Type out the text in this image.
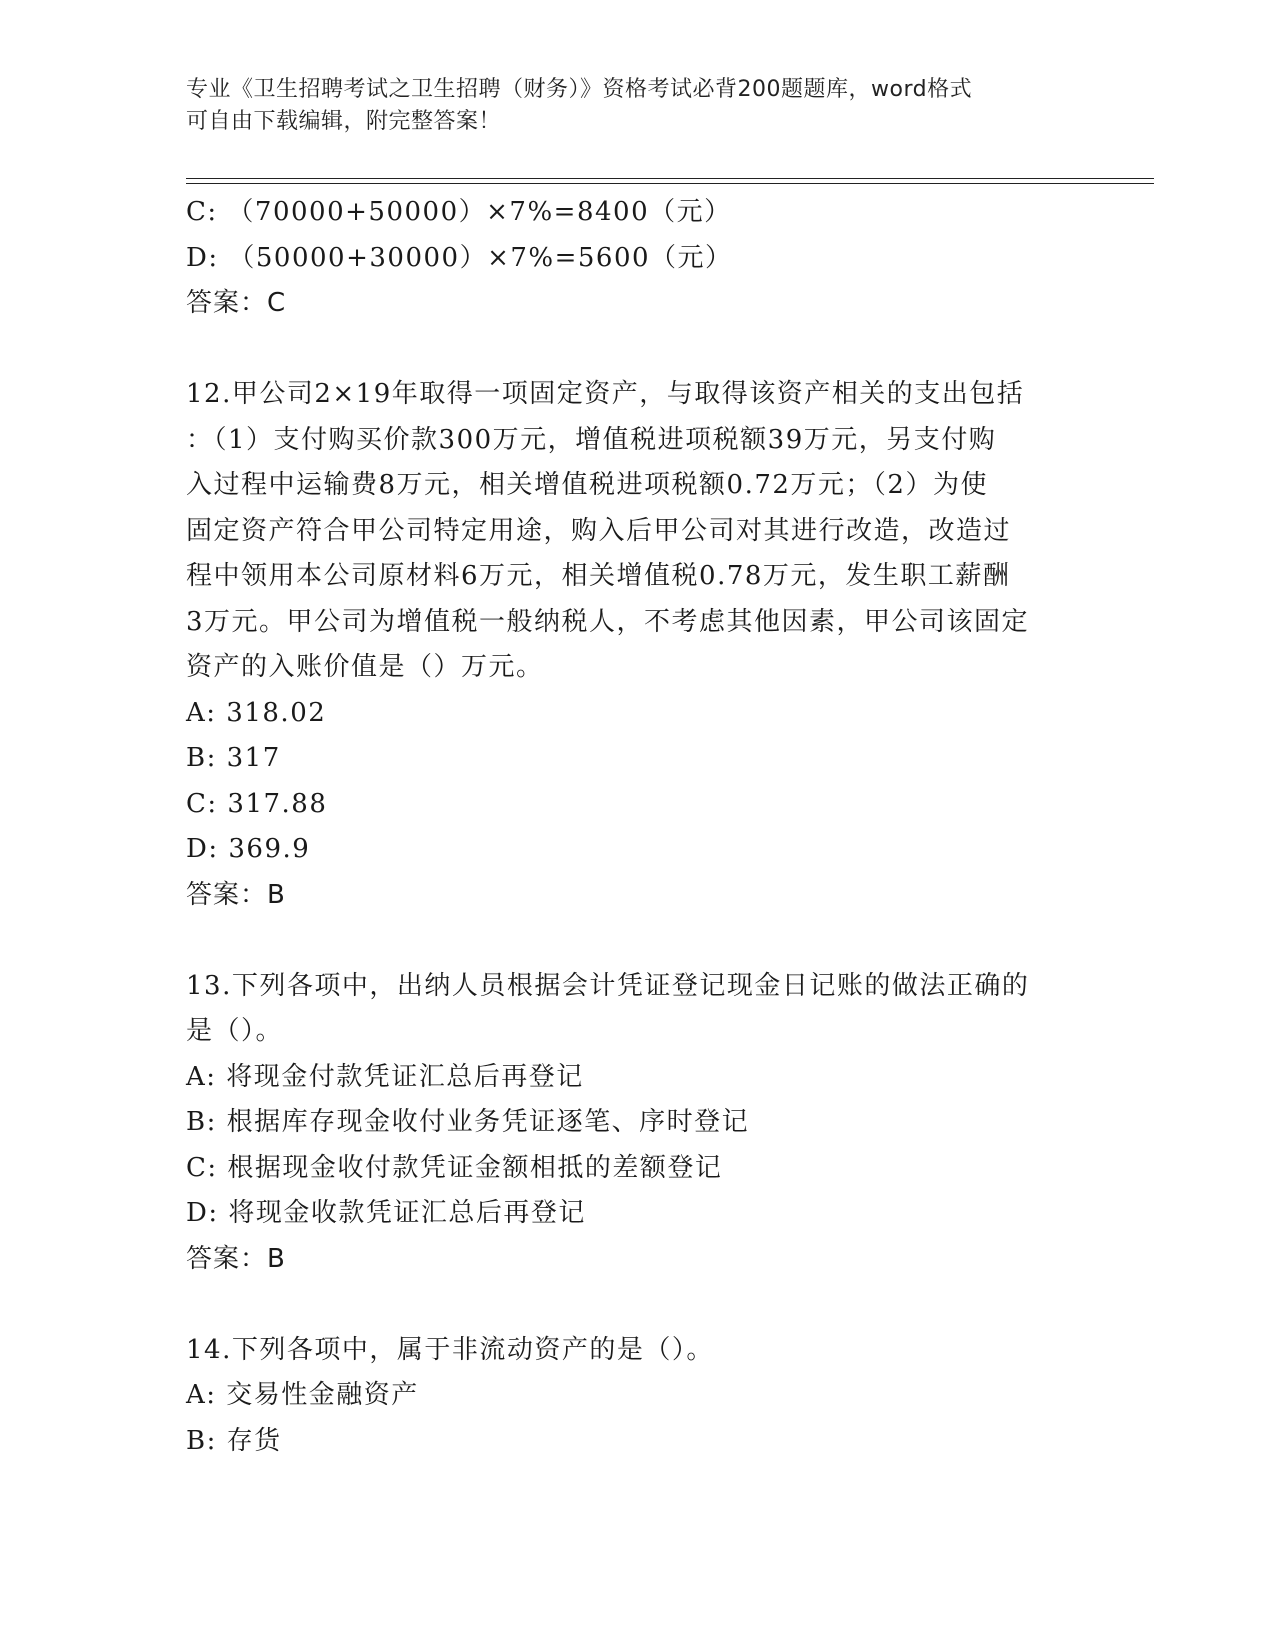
专业《卫生招聘考试之卫生招聘（财务）》资格考试必背200题题库，word格式
可自由下载编辑，附完整答案！
C: （70000+50000）×7%=8400（元）
D: （50000+30000）×7%=5600（元）
答案：C
12.甲公司2×19年取得一项固定资产，与取得该资产相关的支出包括
：（1）支付购买价款300万元，增值税进项税额39万元，另支付购
入过程中运输费8万元，相关增值税进项税额0.72万元；（2）为使
固定资产符合甲公司特定用途，购入后甲公司对其进行改造，改造过
程中领用本公司原材料6万元，相关增值税0.78万元，发生职工薪酬
3万元。甲公司为增值税一般纳税人，不考虑其他因素，甲公司该固定
资产的入账价值是（）万元。
A: 318.02
B: 317
C: 317.88
D: 369.9
答案：B
13.下列各项中，出纳人员根据会计凭证登记现金日记账的做法正确的
是（）。
A: 将现金付款凭证汇总后再登记
B: 根据库存现金收付业务凭证逐笔、序时登记
C: 根据现金收付款凭证金额相抵的差额登记
D: 将现金收款凭证汇总后再登记
答案：B
14.下列各项中，属于非流动资产的是（）。
A: 交易性金融资产
B: 存货
